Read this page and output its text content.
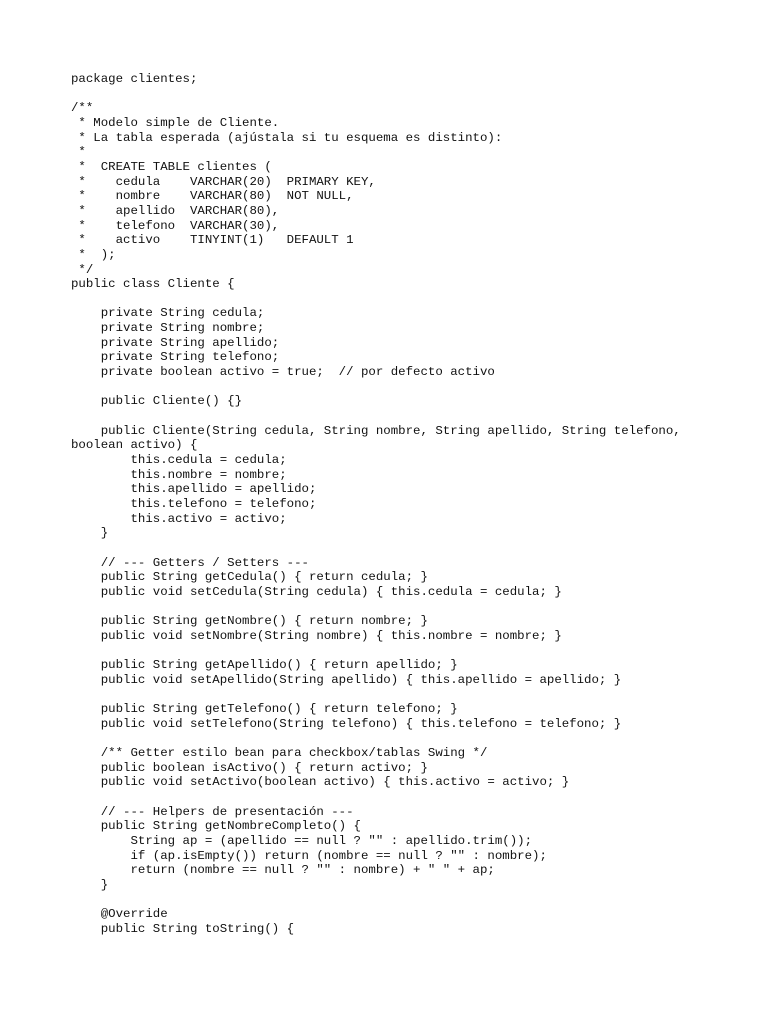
package clientes;
/**
* Modelo simple de Cliente.
* La tabla esperada (ajústala si tu esquema es distinto):
*
*  CREATE TABLE clientes (
*    cedula    VARCHAR(20)  PRIMARY KEY,
*    nombre    VARCHAR(80)  NOT NULL,
*    apellido  VARCHAR(80),
*    telefono  VARCHAR(30),
*    activo    TINYINT(1)   DEFAULT 1
*  );
*/
public class Cliente {
private String cedula;
private String nombre;
private String apellido;
private String telefono;
private boolean activo = true;  // por defecto activo
public Cliente() {}
public Cliente(String cedula, String nombre, String apellido, String telefono,
boolean activo) {
this.cedula = cedula;
this.nombre = nombre;
this.apellido = apellido;
this.telefono = telefono;
this.activo = activo;
}
// --- Getters / Setters ---
public String getCedula() { return cedula; }
public void setCedula(String cedula) { this.cedula = cedula; }
public String getNombre() { return nombre; }
public void setNombre(String nombre) { this.nombre = nombre; }
public String getApellido() { return apellido; }
public void setApellido(String apellido) { this.apellido = apellido; }
public String getTelefono() { return telefono; }
public void setTelefono(String telefono) { this.telefono = telefono; }
/** Getter estilo bean para checkbox/tablas Swing */
public boolean isActivo() { return activo; }
public void setActivo(boolean activo) { this.activo = activo; }
// --- Helpers de presentación ---
public String getNombreCompleto() {
String ap = (apellido == null ? "" : apellido.trim());
if (ap.isEmpty()) return (nombre == null ? "" : nombre);
return (nombre == null ? "" : nombre) + " " + ap;
}
@Override
public String toString() {
